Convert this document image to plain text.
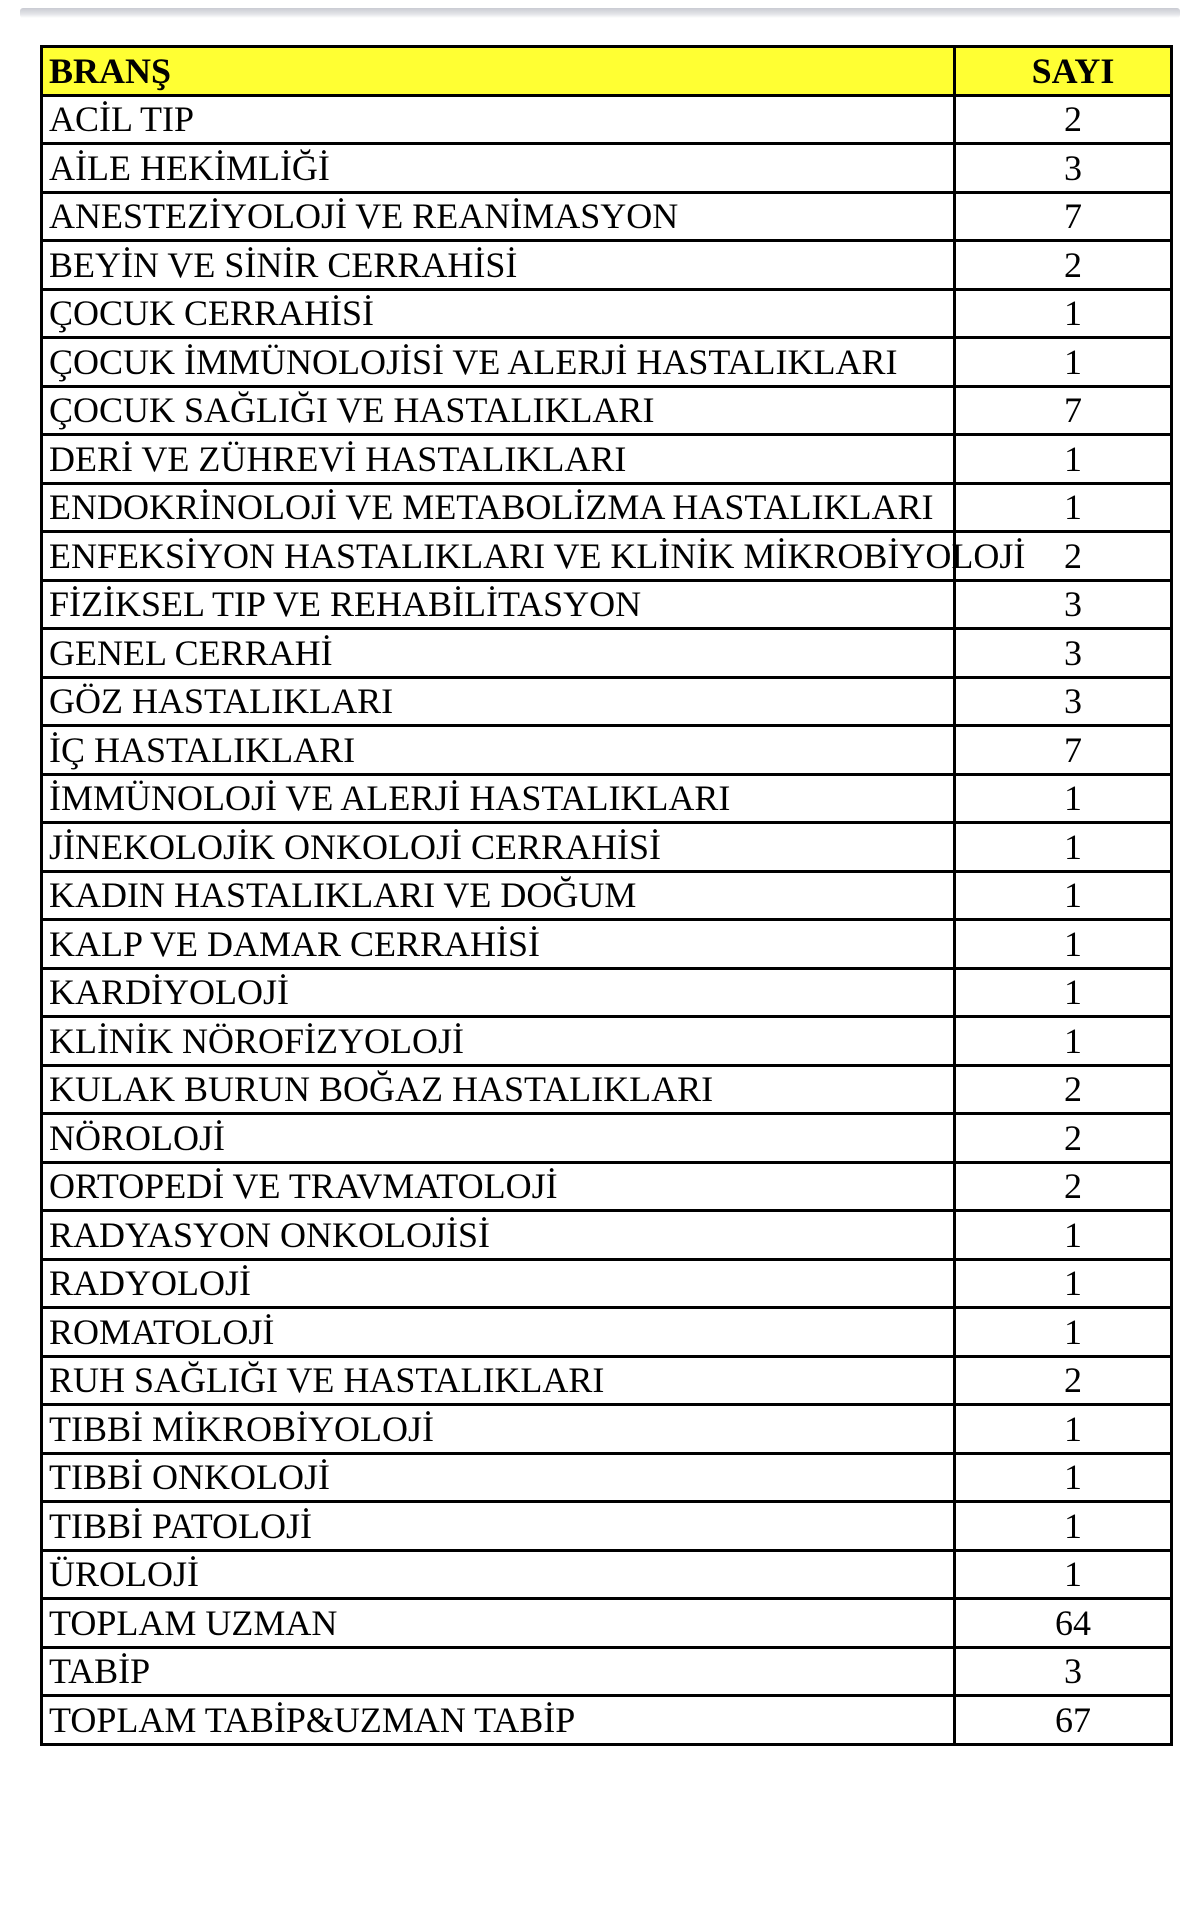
BRANŞ	SAYI
ACİL TIP	2
AİLE HEKİMLİĞİ	3
ANESTEZİYOLOJİ VE REANİMASYON	7
BEYİN VE SİNİR CERRAHİSİ	2
ÇOCUK CERRAHİSİ	1
ÇOCUK İMMÜNOLOJİSİ VE ALERJİ HASTALIKLARI	1
ÇOCUK SAĞLIĞI VE HASTALIKLARI	7
DERİ VE ZÜHREVİ HASTALIKLARI	1
ENDOKRİNOLOJİ VE METABOLİZMA HASTALIKLARI	1
ENFEKSİYON HASTALIKLARI VE KLİNİK MİKROBİYOLOJİ	2
FİZİKSEL TIP VE REHABİLİTASYON	3
GENEL CERRAHİ	3
GÖZ HASTALIKLARI	3
İÇ HASTALIKLARI	7
İMMÜNOLOJİ VE ALERJİ HASTALIKLARI	1
JİNEKOLOJİK ONKOLOJİ CERRAHİSİ	1
KADIN HASTALIKLARI VE DOĞUM	1
KALP VE DAMAR CERRAHİSİ	1
KARDİYOLOJİ	1
KLİNİK NÖROFİZYOLOJİ	1
KULAK BURUN BOĞAZ HASTALIKLARI	2
NÖROLOJİ	2
ORTOPEDİ VE TRAVMATOLOJİ	2
RADYASYON ONKOLOJİSİ	1
RADYOLOJİ	1
ROMATOLOJİ	1
RUH SAĞLIĞI VE HASTALIKLARI	2
TIBBİ MİKROBİYOLOJİ	1
TIBBİ ONKOLOJİ	1
TIBBİ PATOLOJİ	1
ÜROLOJİ	1
TOPLAM UZMAN	64
TABİP	3
TOPLAM TABİP&UZMAN TABİP	67
